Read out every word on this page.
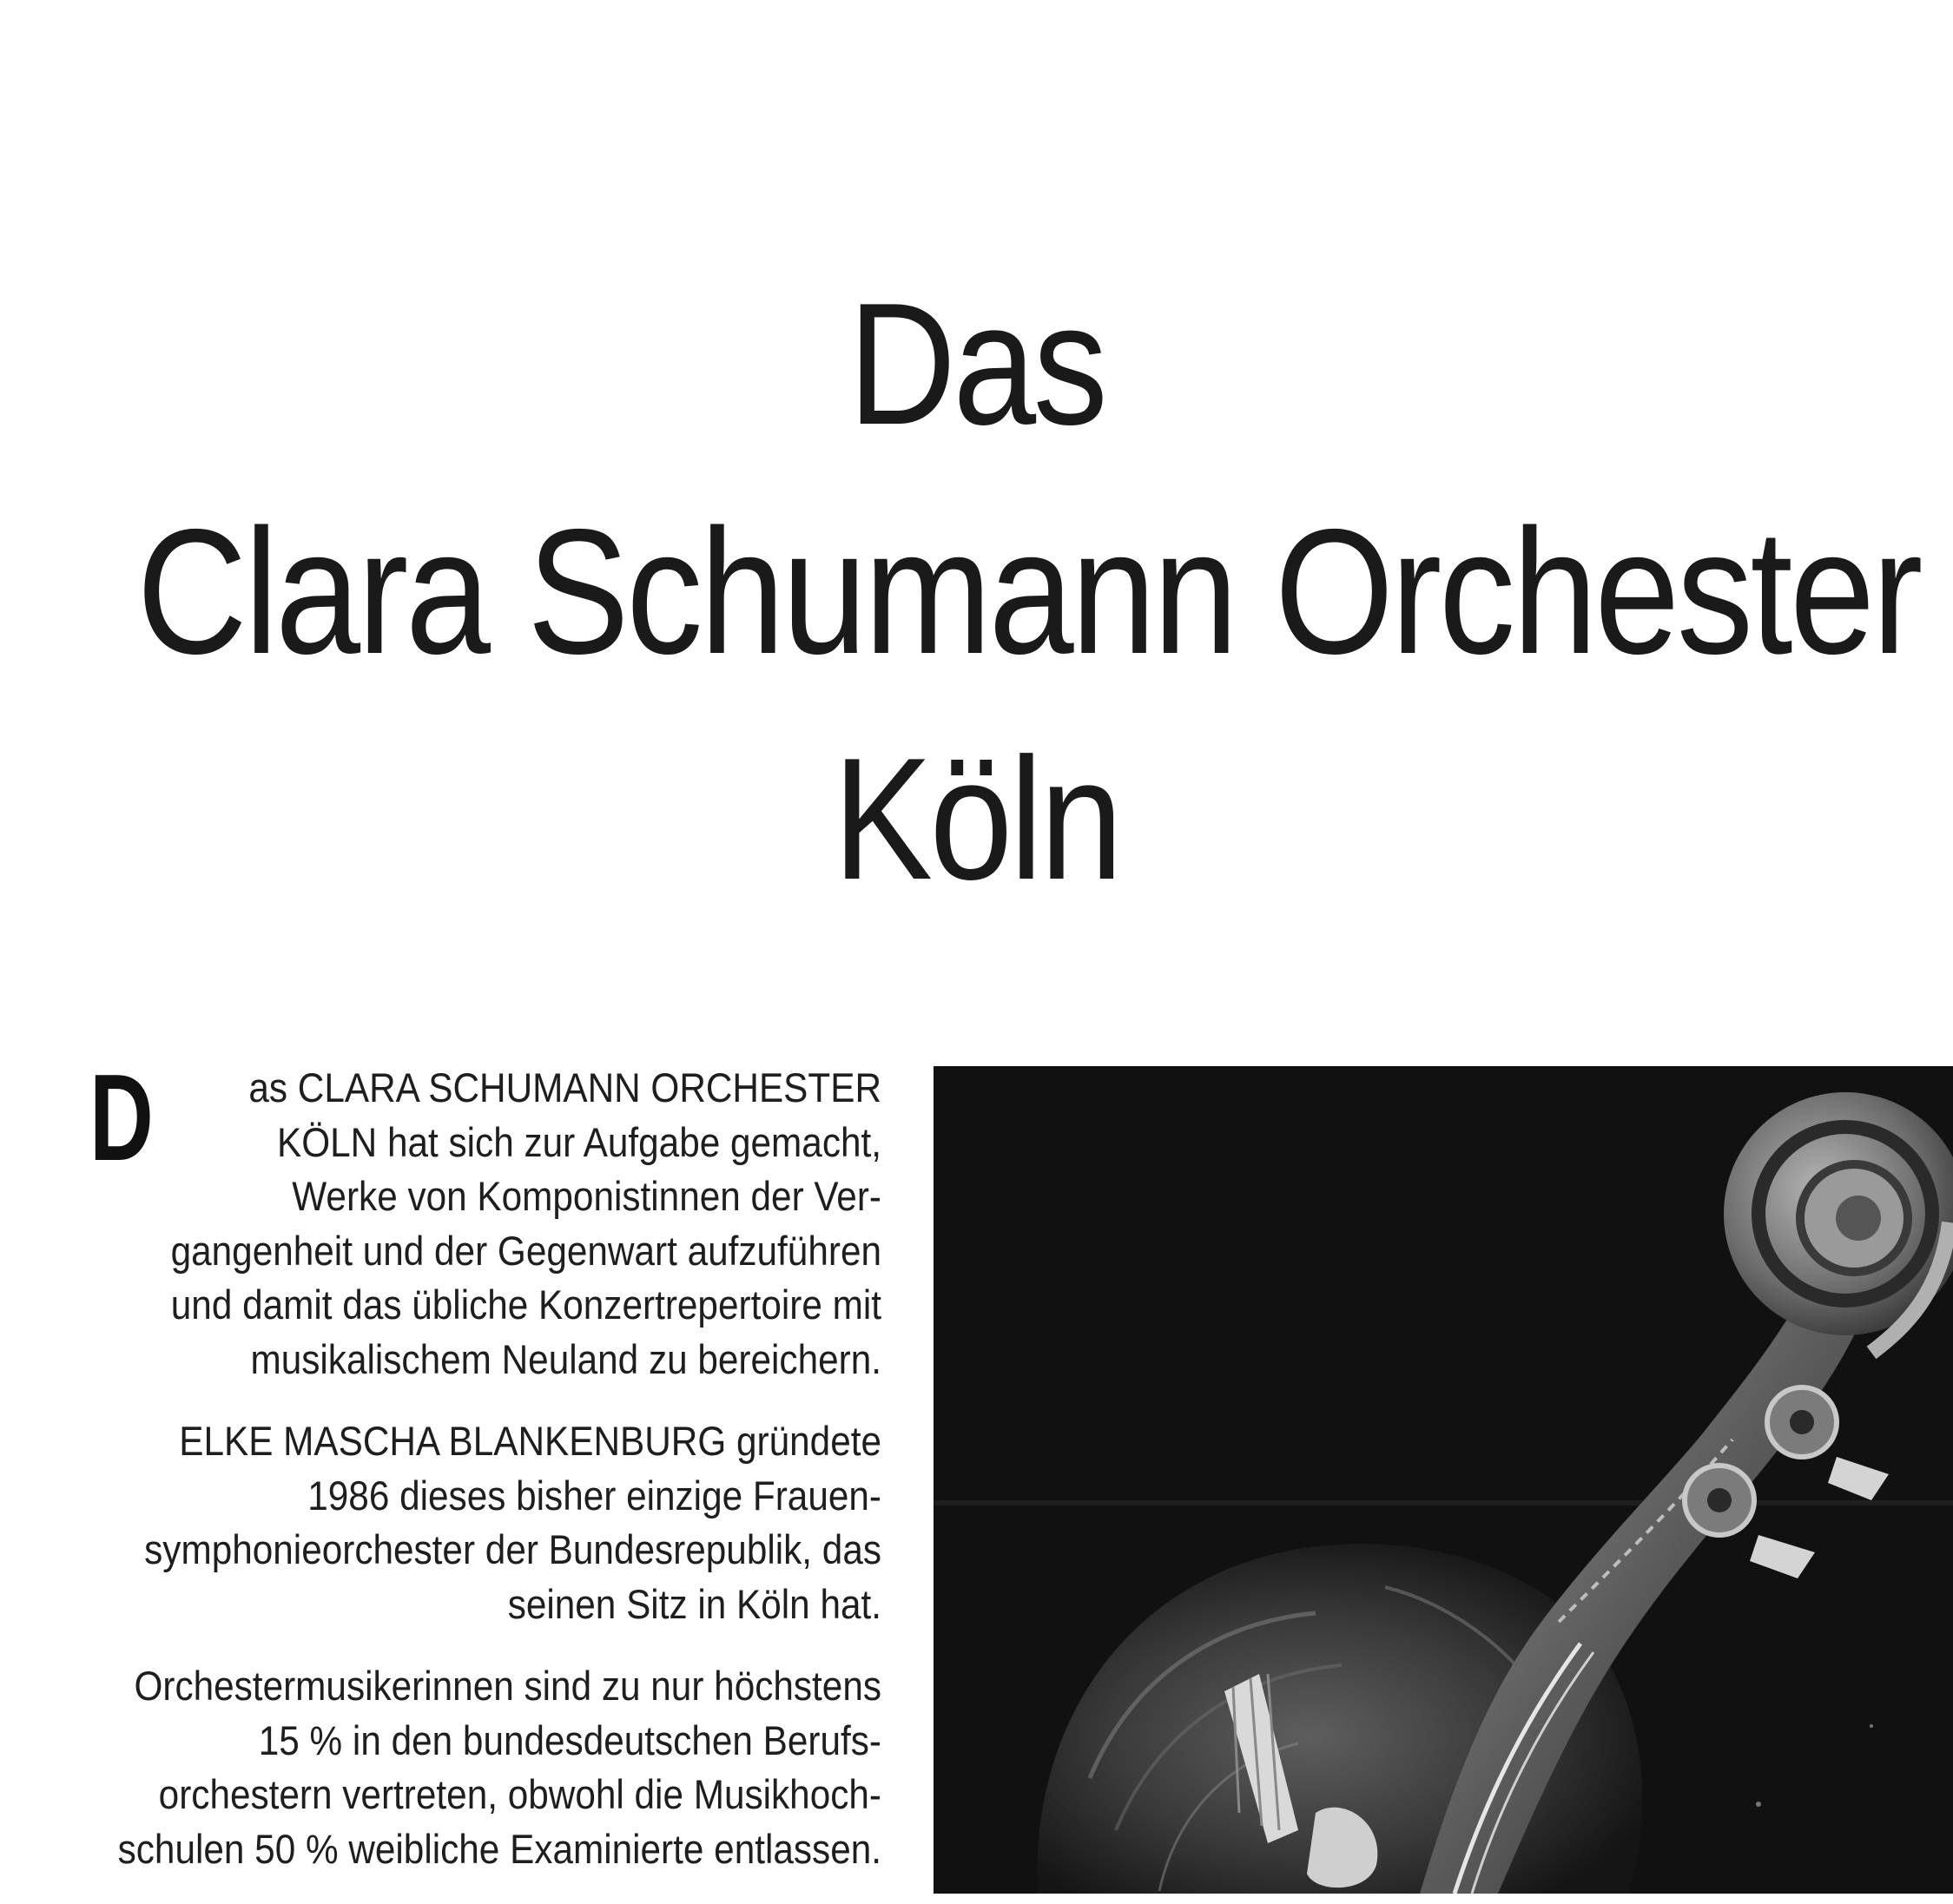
Das
Clara Schumann Orchester
Köln
D	as CLARA SCHUMANN ORCHESTER
KÖLN hat sich zur Aufgabe gemacht,
Werke von Komponistinnen der Ver-
gangenheit und der Gegenwart aufzuführen
und damit das übliche Konzertrepertoire mit
musikalischem Neuland zu bereichern.
ELKE MASCHA BLANKENBURG gründete
1986 dieses bisher einzige Frauen-
symphonieorchester der Bundesrepublik, das
seinen Sitz in Köln hat.
Orchestermusikerinnen sind zu nur höchstens
15 % in den bundesdeutschen Berufs-
orchestern vertreten, obwohl die Musikhoch-
schulen 50 % weibliche Examinierte entlassen.
